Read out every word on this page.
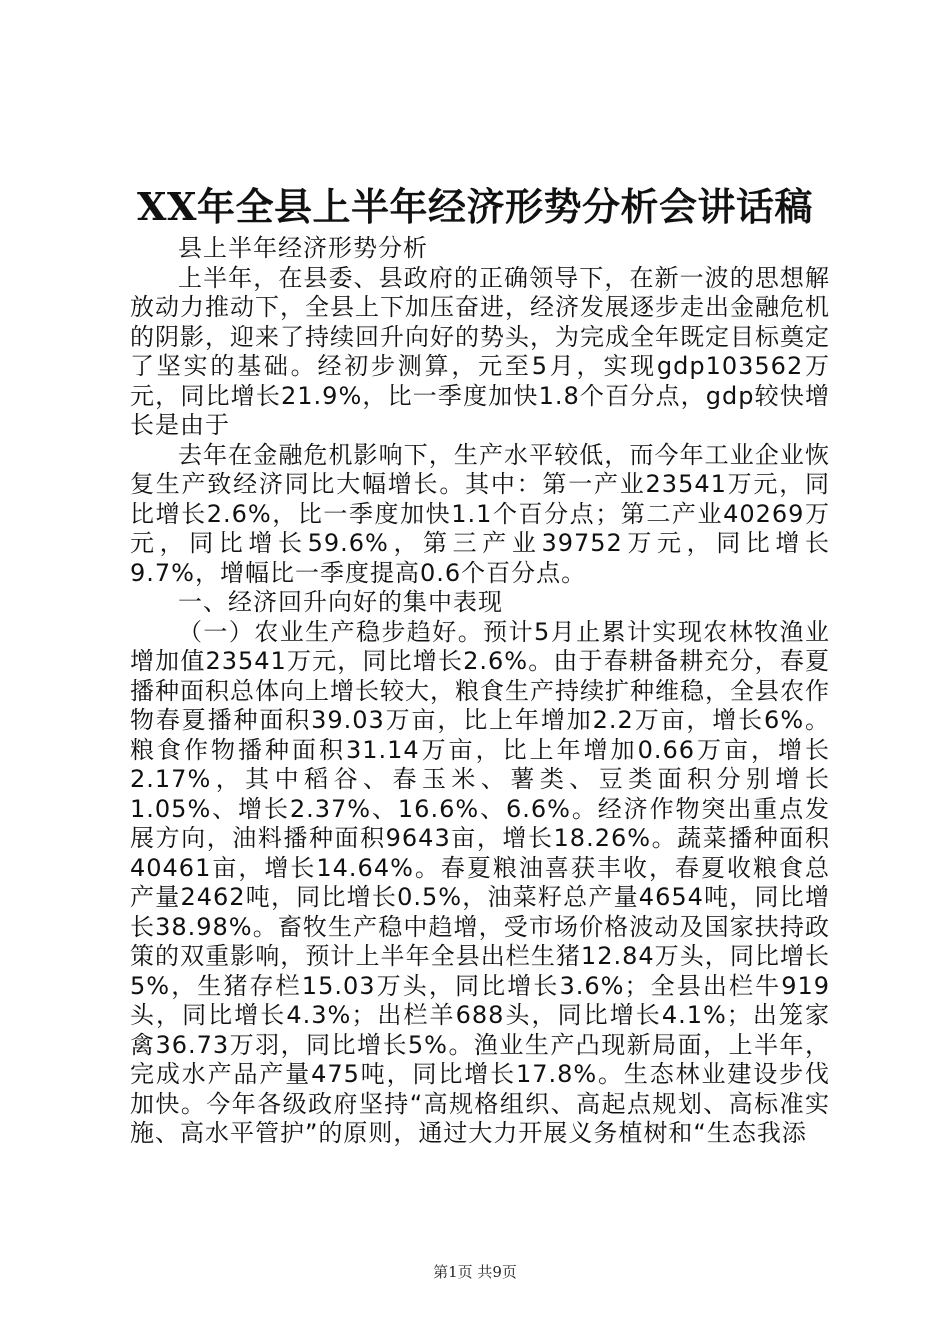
XX年全县上半年经济形势分析会讲话稿

县上半年经济形势分析

上半年，在县委、县政府的正确领导下，在新一波的思想解放动力推动下，全县上下加压奋进，经济发展逐步走出金融危机的阴影，迎来了持续回升向好的势头，为完成全年既定目标奠定了坚实的基础。经初步测算，元至5月，实现gdp103562万元，同比增长21.9%，比一季度加快1.8个百分点，gdp较快增长是由于

去年在金融危机影响下，生产水平较低，而今年工业企业恢复生产致经济同比大幅增长。其中：第一产业23541万元，同比增长2.6%，比一季度加快1.1个百分点；第二产业40269万元，同比增长59.6%，第三产业39752万元，同比增长9.7%，增幅比一季度提高0.6个百分点。

一、经济回升向好的集中表现

（一）农业生产稳步趋好。预计5月止累计实现农林牧渔业增加值23541万元，同比增长2.6%。由于春耕备耕充分，春夏播种面积总体向上增长较大，粮食生产持续扩种维稳，全县农作物春夏播种面积39.03万亩，比上年增加2.2万亩，增长6%。粮食作物播种面积31.14万亩，比上年增加0.66万亩，增长2.17%，其中稻谷、春玉米、薯类、豆类面积分别增长1.05%、增长2.37%、16.6%、6.6%。经济作物突出重点发展方向，油料播种面积9643亩，增长18.26%。蔬菜播种面积40461亩，增长14.64%。春夏粮油喜获丰收，春夏收粮食总产量2462吨，同比增长0.5%，油菜籽总产量4654吨，同比增长38.98%。畜牧生产稳中趋增，受市场价格波动及国家扶持政策的双重影响，预计上半年全县出栏生猪12.84万头，同比增长5%，生猪存栏15.03万头，同比增长3.6%；全县出栏牛919头，同比增长4.3%；出栏羊688头，同比增长4.1%；出笼家禽36.73万羽，同比增长5%。渔业生产凸现新局面，上半年，完成水产品产量475吨，同比增长17.8%。生态林业建设步伐加快。今年各级政府坚持“高规格组织、高起点规划、高标准实施、高水平管护”的原则，通过大力开展义务植树和“生态我添

第1页 共9页
